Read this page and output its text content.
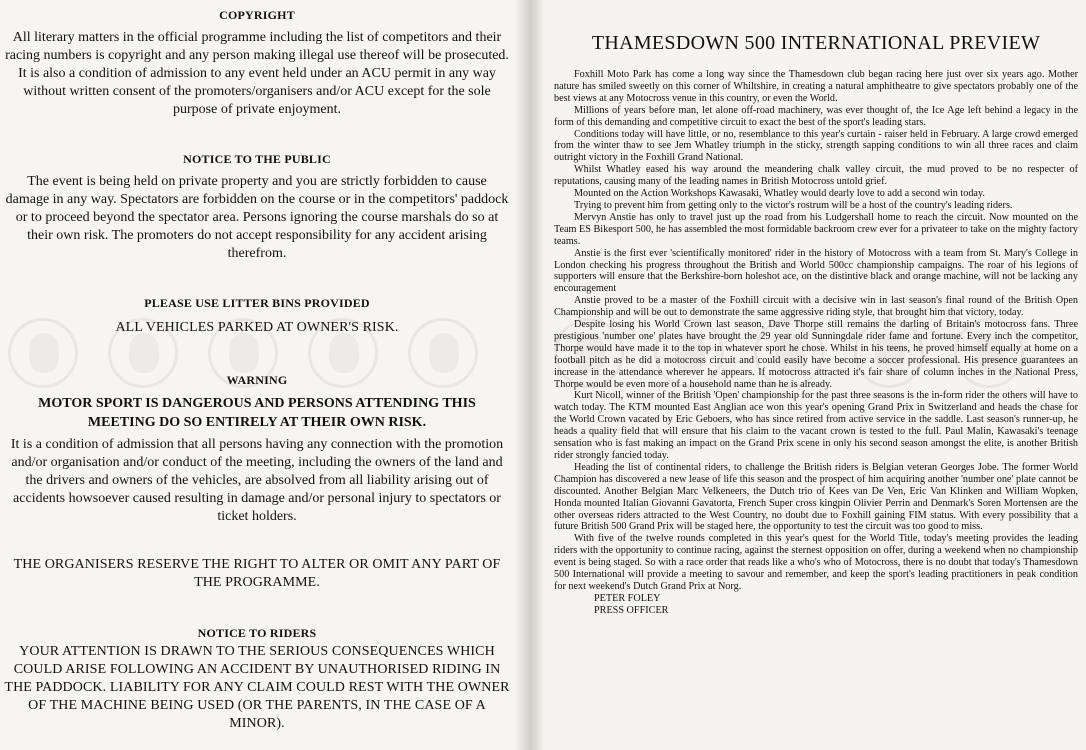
COPYRIGHT

All literary matters in the official programme including the list of competitors and their racing numbers is copyright and any person making illegal use thereof will be prosecuted. It is also a condition of admission to any event held under an ACU permit in any way without written consent of the promoters/organisers and/or ACU except for the sole purpose of private enjoyment.

NOTICE TO THE PUBLIC

The event is being held on private property and you are strictly forbidden to cause damage in any way. Spectators are forbidden on the course or in the competitors' paddock or to proceed beyond the spectator area. Persons ignoring the course marshals do so at their own risk. The promoters do not accept responsibility for any accident arising therefrom.

PLEASE USE LITTER BINS PROVIDED

ALL VEHICLES PARKED AT OWNER'S RISK.

WARNING
MOTOR SPORT IS DANGEROUS AND PERSONS ATTENDING THIS MEETING DO SO ENTIRELY AT THEIR OWN RISK.

It is a condition of admission that all persons having any connection with the promotion and/or organisation and/or conduct of the meeting, including the owners of the land and the drivers and owners of the vehicles, are absolved from all liability arising out of accidents howsoever caused resulting in damage and/or personal injury to spectators or ticket holders.

THE ORGANISERS RESERVE THE RIGHT TO ALTER OR OMIT ANY PART OF THE PROGRAMME.

NOTICE TO RIDERS

YOUR ATTENTION IS DRAWN TO THE SERIOUS CONSEQUENCES WHICH COULD ARISE FOLLOWING AN ACCIDENT BY UNAUTHORISED RIDING IN THE PADDOCK. LIABILITY FOR ANY CLAIM COULD REST WITH THE OWNER OF THE MACHINE BEING USED (OR THE PARENTS, IN THE CASE OF A MINOR).

THAMESDOWN 500 INTERNATIONAL PREVIEW

Foxhill Moto Park has come a long way since the Thamesdown club began racing here just over six years ago. Mother nature has smiled sweetly on this corner of Whiltshire, in creating a natural amphitheatre to give spectators probably one of the best views at any Motocross venue in this country, or even the World.

Millions of years before man, let alone off-road machinery, was ever thought of, the Ice Age left behind a legacy in the form of this demanding and competitive circuit to exact the best of the sport's leading stars.

Conditions today will have little, or no, resemblance to this year's curtain - raiser held in February. A large crowd emerged from the winter thaw to see Jem Whatley triumph in the sticky, strength sapping conditions to win all three races and claim outright victory in the Foxhill Grand National.

Whilst Whatley eased his way around the meandering chalk valley circuit, the mud proved to be no respecter of reputations, causing many of the leading names in British Motocross untold grief.

Mounted on the Action Workshops Kawasaki, Whatley would dearly love to add a second win today.

Trying to prevent him from getting only to the victor's rostrum will be a host of the country's leading riders.

Mervyn Anstie has only to travel just up the road from his Ludgershall home to reach the circuit. Now mounted on the Team ES Bikesport 500, he has assembled the most formidable backroom crew ever for a privateer to take on the mighty factory teams.

Anstie is the first ever 'scientifically monitored' rider in the history of Motocross with a team from St. Mary's College in London checking his progress throughout the British and World 500cc championship campaigns. The roar of his legions of supporters will ensure that the Berkshire-born holeshot ace, on the distintive black and orange machine, will not be lacking any encouragement

Anstie proved to be a master of the Foxhill circuit with a decisive win in last season's final round of the British Open Championship and will be out to demonstrate the same aggressive riding style, that brought him that victory, today.

Despite losing his World Crown last season, Dave Thorpe still remains the darling of Britain's motocross fans. Three prestigious 'number one' plates have brought the 29 year old Sunningdale rider fame and fortune. Every inch the competitor, Thorpe would have made it to the top in whatever sport he chose. Whilst in his teens, he proved himself equally at home on a football pitch as he did a motocross circuit and could easily have become a soccer professional. His presence guarantees an increase in the attendance wherever he appears. If motocross attracted it's fair share of column inches in the National Press, Thorpe would be even more of a household name than he is already.

Kurt Nicoll, winner of the British 'Open' championship for the past three seasons is the in-form rider the others will have to watch today. The KTM mounted East Anglian ace won this year's opening Grand Prix in Switzerland and heads the chase for the World Crown vacated by Eric Geboers, who has since retired from active service in the saddle. Last season's runner-up, he heads a quality field that will ensure that his claim to the vacant crown is tested to the full. Paul Malin, Kawasaki's teenage sensation who is fast making an impact on the Grand Prix scene in only his second season amongst the elite, is another British rider strongly fancied today.

Heading the list of continental riders, to challenge the British riders is Belgian veteran Georges Jobe. The former World Champion has discovered a new lease of life this season and the prospect of him acquiring another 'number one' plate cannot be discounted. Another Belgian Marc Velkeneers, the Dutch trio of Kees van De Ven, Eric Van Klinken and William Wopken, Honda mounted Italian Giovanni Gavatorta, French Super cross kingpin Olivier Perrin and Denmark's Soren Mortensen are the other overseas riders attracted to the West Country, no doubt due to Foxhill gaining FIM status. With every possibility that a future British 500 Grand Prix will be staged here, the opportunity to test the circuit was too good to miss.

With five of the twelve rounds completed in this year's quest for the World Title, today's meeting provides the leading riders with the opportunity to continue racing, against the sternest opposition on offer, during a weekend when no championship event is being staged. So with a race order that reads like a who's who of Motocross, there is no doubt that today's Thamesdown 500 International will provide a meeting to savour and remember, and keep the sport's leading practitioners in peak condition for next weekend's Dutch Grand Prix at Norg.

PETER FOLEY

PRESS OFFICER
